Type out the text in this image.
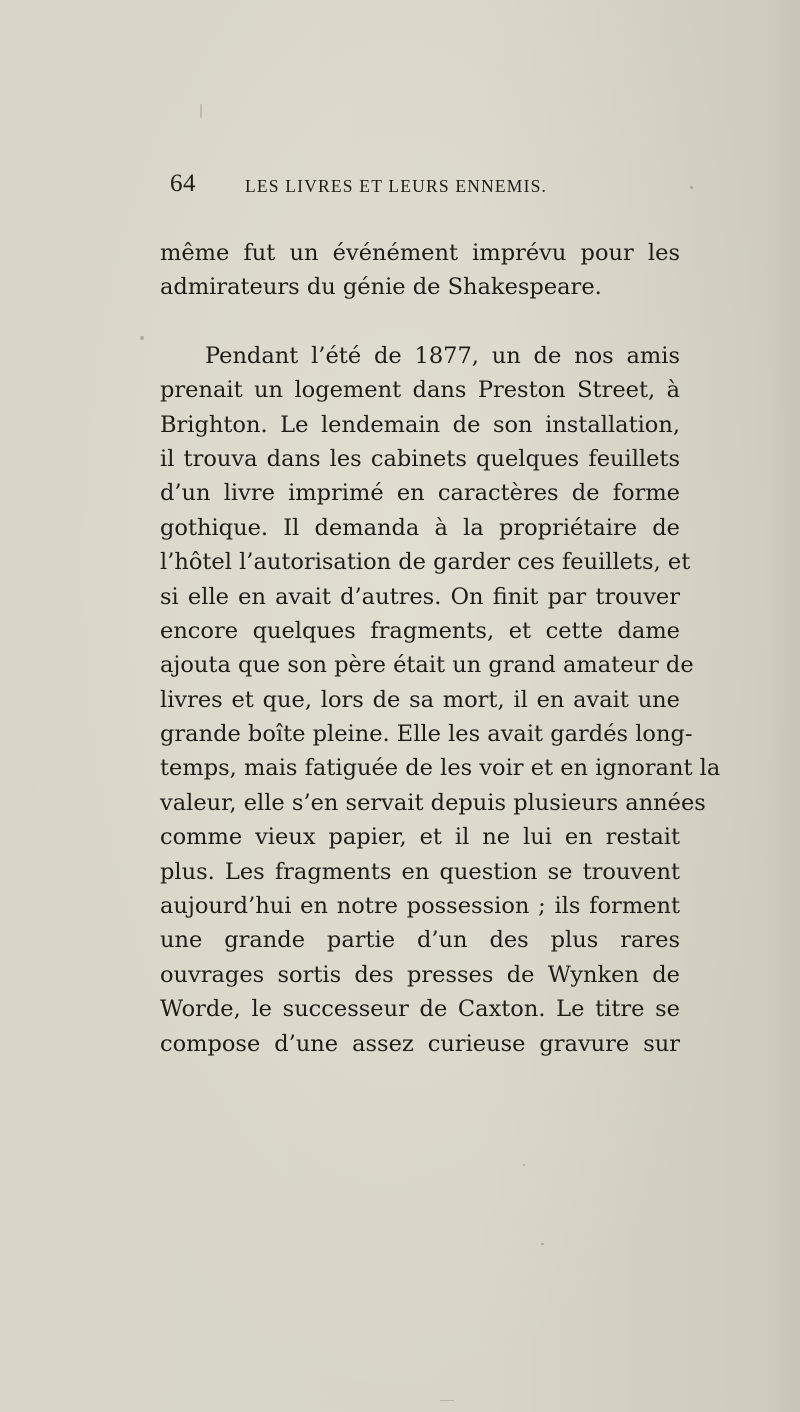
64	LES LIVRES ET LEURS ENNEMIS.
même fut un événément imprévu pour les
admirateurs du génie de Shakespeare.
Pendant l’été de 1877, un de nos amis
prenait un logement dans Preston Street, à
Brighton. Le lendemain de son installation,
il trouva dans les cabinets quelques feuillets
d’un livre imprimé en caractères de forme
gothique. Il demanda à la propriétaire de
l’hôtel l’autorisation de garder ces feuillets, et
si elle en avait d’autres. On finit par trouver
encore quelques fragments, et cette dame
ajouta que son père était un grand amateur de
livres et que, lors de sa mort, il en avait une
grande boîte pleine. Elle les avait gardés long-
temps, mais fatiguée de les voir et en ignorant la
valeur, elle s’en servait depuis plusieurs années
comme vieux papier, et il ne lui en restait
plus. Les fragments en question se trouvent
aujourd’hui en notre possession ; ils forment
une grande partie d’un des plus rares
ouvrages sortis des presses de Wynken de
Worde, le successeur de Caxton. Le titre se
compose d’une assez curieuse gravure sur
